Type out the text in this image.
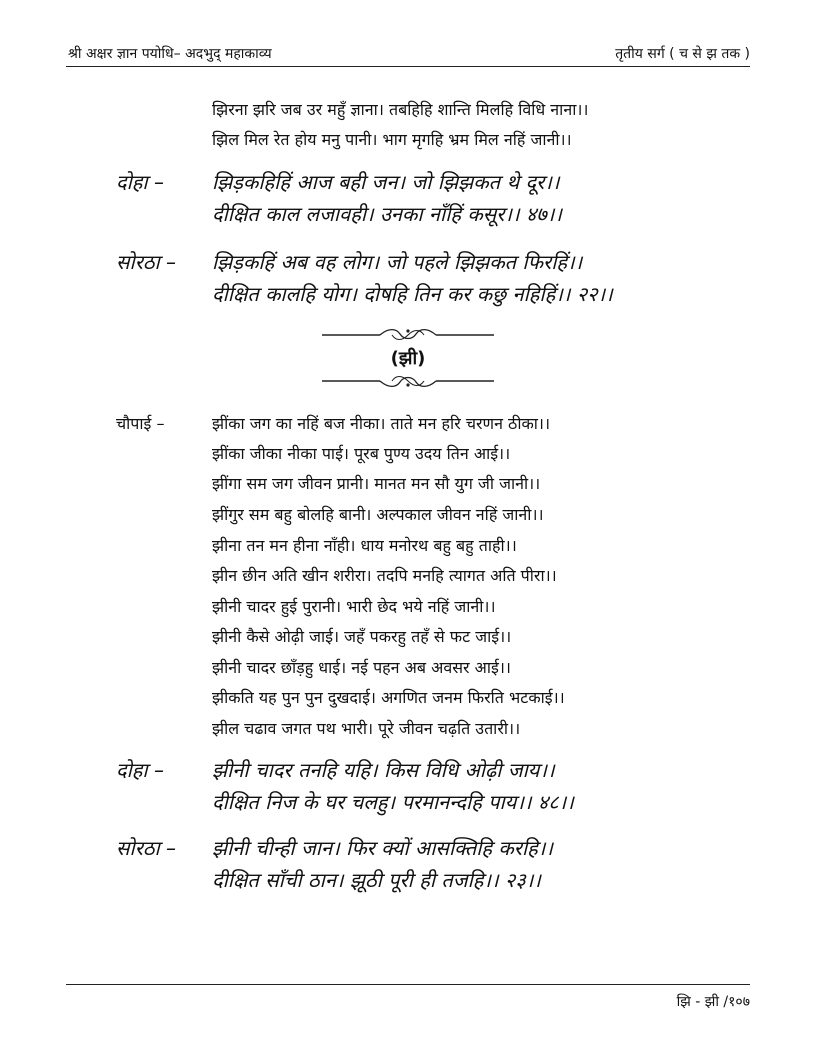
श्री अक्षर ज्ञान पयोधि– अदभुद् महाकाव्य	तृतीय सर्ग ( च से झ तक )
झिरना झरि जब उर महुँ ज्ञाना। तबहिहि शान्ति मिलहि विधि नाना।।
झिल मिल रेत होय मनु पानी। भाग मृगहि भ्रम मिल नहिं जानी।।
दोहा – झिड़कहिहिं आज बही जन। जो झिझकत थे दूर।।
दीक्षित काल लजावही। उनका नाँहिं कसूर।। ४७।।
सोरठा – झिड़कहिं अब वह लोग। जो पहले झिझकत फिरहिं।।
दीक्षित कालहि योग। दोषहि तिन कर कछु नहिहिं।। २२।।
(झी)
चौपाई –	झींका जग का नहिं बज नीका। ताते मन हरि चरणन ठीका।।
झींका जीका नीका पाई। पूरब पुण्य उदय तिन आई।।
झींगा सम जग जीवन प्रानी। मानत मन सौ युग जी जानी।।
झींगुर सम बहु बोलहि बानी। अल्पकाल जीवन नहिं जानी।।
झीना तन मन हीना नाँही। धाय मनोरथ बहु बहु ताही।।
झीन छीन अति खीन शरीरा। तदपि मनहि त्यागत अति पीरा।।
झीनी चादर हुई पुरानी। भारी छेद भये नहिं जानी।।
झीनी कैसे ओढ़ी जाई। जहँ पकरहु तहँ से फट जाई।।
झीनी चादर छाँड़हु धाई। नई पहन अब अवसर आई।।
झीकति यह पुन पुन दुखदाई। अगणित जनम फिरति भटकाई।।
झील चढाव जगत पथ भारी। पूरे जीवन चढ़ति उतारी।।
दोहा – झीनी चादर तनहि यहि। किस विधि ओढ़ी जाय।।
दीक्षित निज के घर चलहु। परमानन्दहि पाय।। ४८।।
सोरठा – झीनी चीन्ही जान। फिर क्यों आसक्तिहि करहि।।
दीक्षित साँची ठान। झूठी पूरी ही तजहि।। २३।।
झि - झी /१०७
